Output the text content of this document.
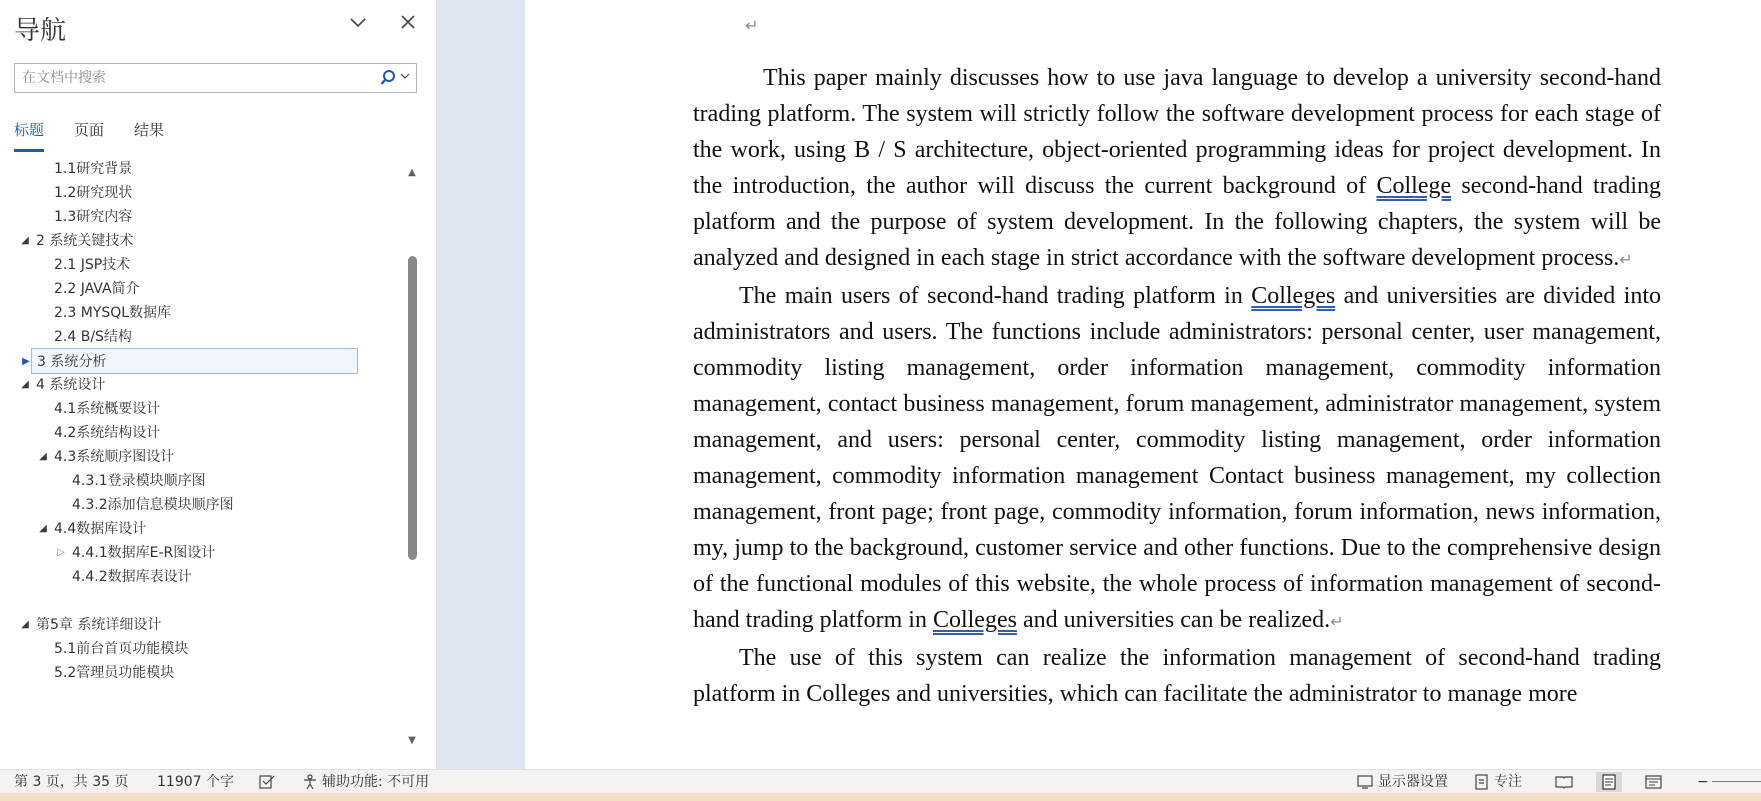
导航
在文档中搜索
标题 页面 结果
1.1研究背景
1.2研究现状
1.3研究内容
◢ 2 系统关键技术
2.1 JSP技术
2.2 JAVA简介
2.3 MYSQL数据库
2.4 B/S结构
▶ 3 系统分析
◢ 4 系统设计
4.1系统概要设计
4.2系统结构设计
◢ 4.3系统顺序图设计
4.3.1登录模块顺序图
4.3.2添加信息模块顺序图
◢ 4.4数据库设计
▷ 4.4.1数据库E-R图设计
4.4.2数据库表设计
◢ 第5章 系统详细设计
5.1前台首页功能模块
5.2管理员功能模块
▲
▼
↵

This paper mainly discusses how to use java language to develop a university second-hand trading platform. The system will strictly follow the software development process for each stage of the work, using B / S architecture, object-oriented programming ideas for project development. In the introduction, the author will discuss the current background of College second-hand trading platform and the purpose of system development. In the following chapters, the system will be analyzed and designed in each stage in strict accordance with the software development process.↵

The main users of second-hand trading platform in Colleges and universities are divided into administrators and users. The functions include administrators: personal center, user management, commodity listing management, order information management, commodity information management, contact business management, forum management, administrator management, system management, and users: personal center, commodity listing management, order information management, commodity information management Contact business management, my collection management, front page; front page, commodity information, forum information, news information, my, jump to the background, customer service and other functions. Due to the comprehensive design of the functional modules of this website, the whole process of information management of second-hand trading platform in Colleges and universities can be realized.↵

The use of this system can realize the information management of second-hand trading platform in Colleges and universities, which can facilitate the administrator to manage more

第 3 页，共 35 页 11907 个字	辅助功能: 不可用	显示器设置	专注	−
